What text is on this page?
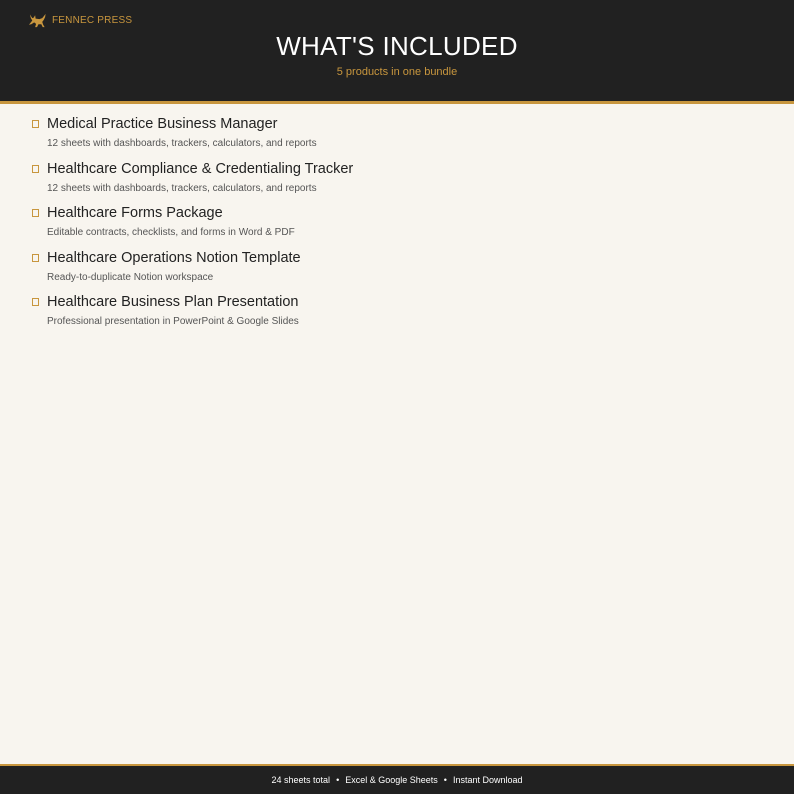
FENNEC PRESS
WHAT'S INCLUDED
5 products in one bundle
Medical Practice Business Manager
12 sheets with dashboards, trackers, calculators, and reports
Healthcare Compliance & Credentialing Tracker
12 sheets with dashboards, trackers, calculators, and reports
Healthcare Forms Package
Editable contracts, checklists, and forms in Word & PDF
Healthcare Operations Notion Template
Ready-to-duplicate Notion workspace
Healthcare Business Plan Presentation
Professional presentation in PowerPoint & Google Slides
24 sheets total • Excel & Google Sheets • Instant Download
